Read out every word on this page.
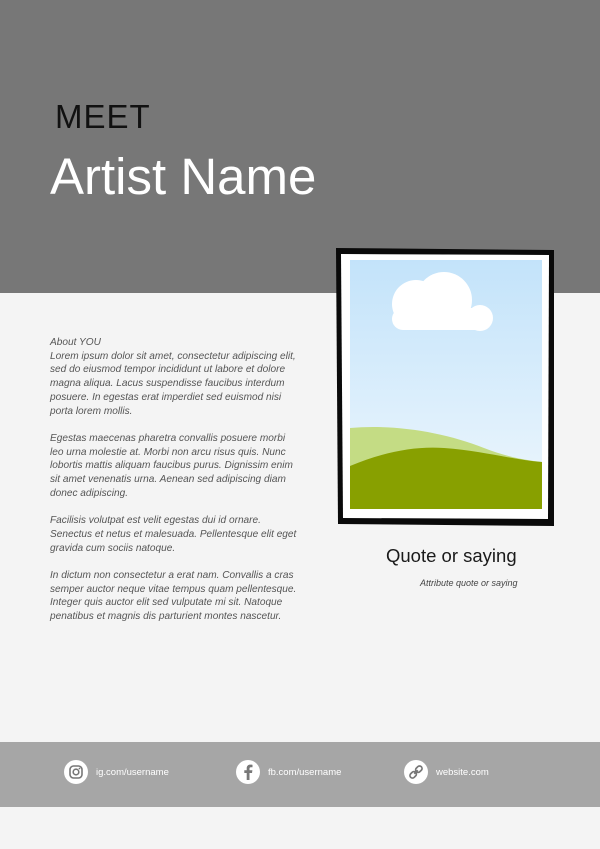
MEET
Artist Name

About YOU
Lorem ipsum dolor sit amet, consectetur adipiscing elit, sed do eiusmod tempor incididunt ut labore et dolore magna aliqua. Lacus suspendisse faucibus interdum posuere. In egestas erat imperdiet sed euismod nisi porta lorem mollis.

Egestas maecenas pharetra convallis posuere morbi leo urna molestie at. Morbi non arcu risus quis. Nunc lobortis mattis aliquam faucibus purus. Dignissim enim sit amet venenatis urna. Aenean sed adipiscing diam donec adipiscing.

Facilisis volutpat est velit egestas dui id ornare. Senectus et netus et malesuada. Pellentesque elit eget gravida cum sociis natoque.

In dictum non consectetur a erat nam. Convallis a cras semper auctor neque vitae tempus quam pellentesque. Integer quis auctor elit sed vulputate mi sit. Natoque penatibus et magnis dis parturient montes nascetur.

Quote or saying
Attribute quote or saying
ig.com/username	fb.com/username	website.com
